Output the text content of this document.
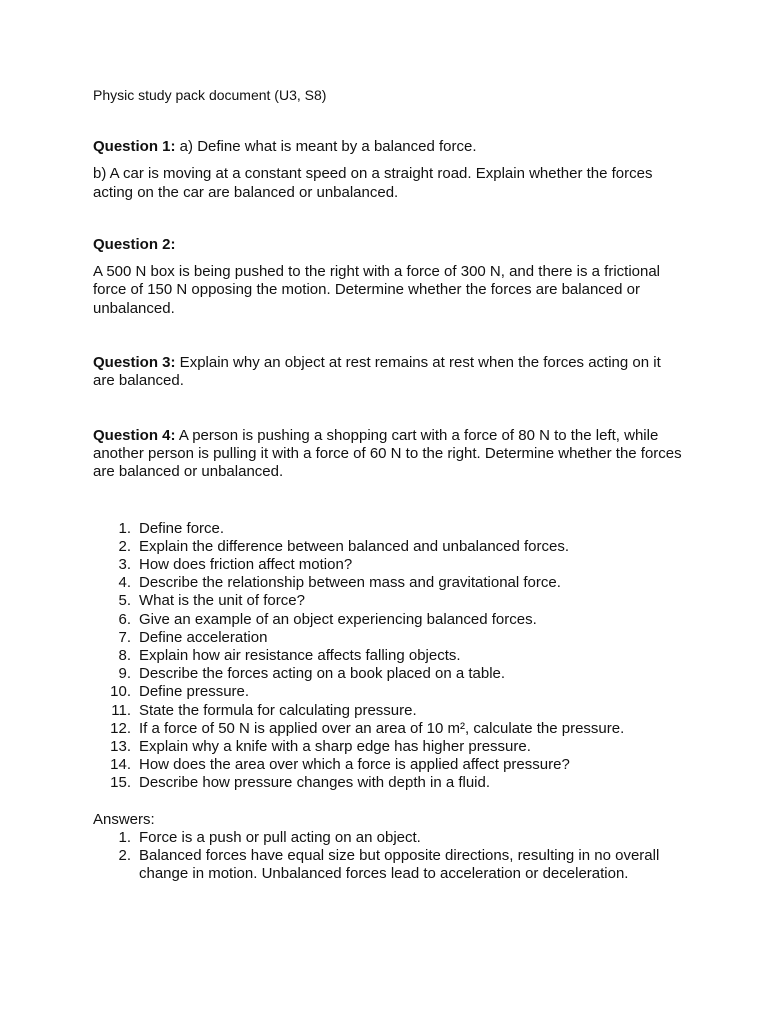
Physic study pack document (U3, S8)

Question 1: a) Define what is meant by a balanced force.

b) A car is moving at a constant speed on a straight road. Explain whether the forces acting on the car are balanced or unbalanced.

Question 2:

A 500 N box is being pushed to the right with a force of 300 N, and there is a frictional force of 150 N opposing the motion. Determine whether the forces are balanced or unbalanced.

Question 3: Explain why an object at rest remains at rest when the forces acting on it are balanced.

Question 4: A person is pushing a shopping cart with a force of 80 N to the left, while another person is pulling it with a force of 60 N to the right. Determine whether the forces are balanced or unbalanced.

1. Define force.
2. Explain the difference between balanced and unbalanced forces.
3. How does friction affect motion?
4. Describe the relationship between mass and gravitational force.
5. What is the unit of force?
6. Give an example of an object experiencing balanced forces.
7. Define acceleration
8. Explain how air resistance affects falling objects.
9. Describe the forces acting on a book placed on a table.
10. Define pressure.
11. State the formula for calculating pressure.
12. If a force of 50 N is applied over an area of 10 m², calculate the pressure.
13. Explain why a knife with a sharp edge has higher pressure.
14. How does the area over which a force is applied affect pressure?
15. Describe how pressure changes with depth in a fluid.
Answers:
1. Force is a push or pull acting on an object.
2. Balanced forces have equal size but opposite directions, resulting in no overall change in motion. Unbalanced forces lead to acceleration or deceleration.
